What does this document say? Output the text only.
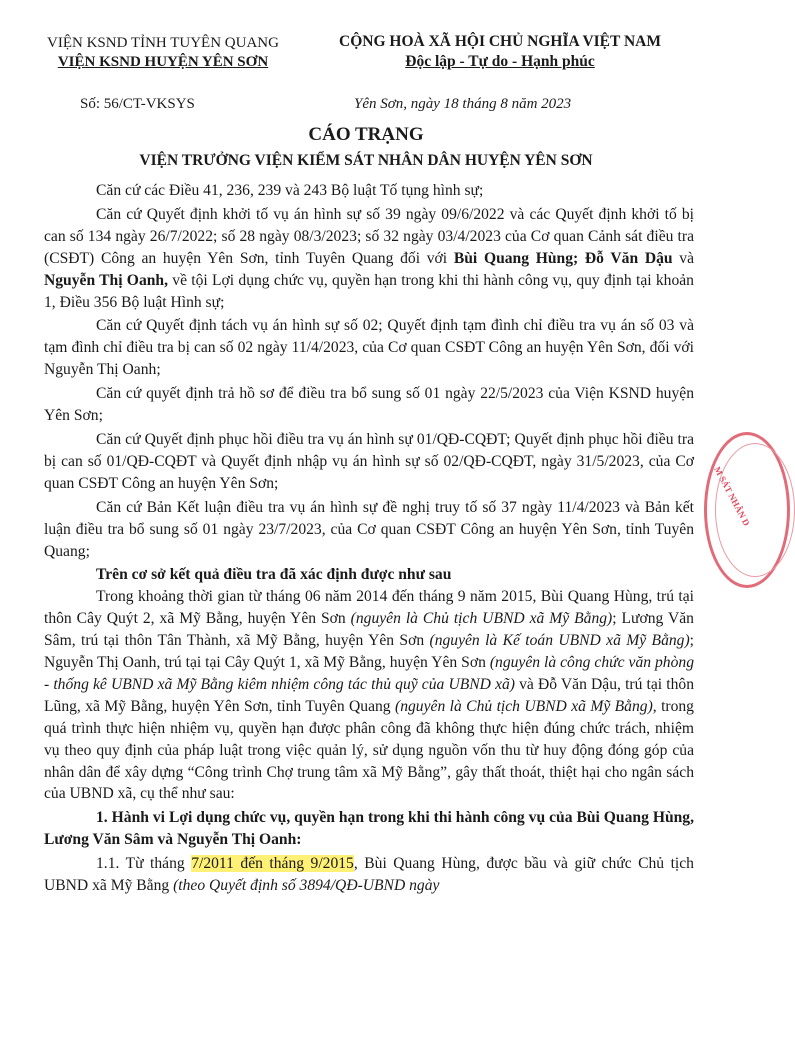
VIỆN KSND TỈNH TUYÊN QUANG
VIỆN KSND HUYỆN YÊN SƠN
CỘNG HOÀ XÃ HỘI CHỦ NGHĨA VIỆT NAM
Độc lập - Tự do - Hạnh phúc
Số: 56/CT-VKSYS	Yên Sơn, ngày 18 tháng 8 năm 2023
CÁO TRẠNG
VIỆN TRƯỞNG VIỆN KIỂM SÁT NHÂN DÂN HUYỆN YÊN SƠN

Căn cứ các Điều 41, 236, 239 và 243 Bộ luật Tố tụng hình sự;

Căn cứ Quyết định khởi tố vụ án hình sự số 39 ngày 09/6/2022 và các Quyết định khởi tố bị can số 134 ngày 26/7/2022; số 28 ngày 08/3/2023; số 32 ngày 03/4/2023 của Cơ quan Cảnh sát điều tra (CSĐT) Công an huyện Yên Sơn, tỉnh Tuyên Quang đối với Bùi Quang Hùng; Đỗ Văn Dậu và Nguyễn Thị Oanh, về tội Lợi dụng chức vụ, quyền hạn trong khi thi hành công vụ, quy định tại khoản 1, Điều 356 Bộ luật Hình sự;

Căn cứ Quyết định tách vụ án hình sự số 02; Quyết định tạm đình chỉ điều tra vụ án số 03 và tạm đình chỉ điều tra bị can số 02 ngày 11/4/2023, của Cơ quan CSĐT Công an huyện Yên Sơn, đối với Nguyễn Thị Oanh;

Căn cứ quyết định trả hồ sơ để điều tra bổ sung số 01 ngày 22/5/2023 của Viện KSND huyện Yên Sơn;

Căn cứ Quyết định phục hồi điều tra vụ án hình sự 01/QĐ-CQĐT; Quyết định phục hồi điều tra bị can số 01/QĐ-CQĐT và Quyết định nhập vụ án hình sự số 02/QĐ-CQĐT, ngày 31/5/2023, của Cơ quan CSĐT Công an huyện Yên Sơn;

Căn cứ Bản Kết luận điều tra vụ án hình sự đề nghị truy tố số 37 ngày 11/4/2023 và Bản kết luận điều tra bổ sung số 01 ngày 23/7/2023, của Cơ quan CSĐT Công an huyện Yên Sơn, tỉnh Tuyên Quang;

Trên cơ sở kết quả điều tra đã xác định được như sau

Trong khoảng thời gian từ tháng 06 năm 2014 đến tháng 9 năm 2015, Bùi Quang Hùng, trú tại thôn Cây Quýt 2, xã Mỹ Bằng, huyện Yên Sơn (nguyên là Chủ tịch UBND xã Mỹ Bằng); Lương Văn Sâm, trú tại thôn Tân Thành, xã Mỹ Bằng, huyện Yên Sơn (nguyên là Kế toán UBND xã Mỹ Bằng); Nguyễn Thị Oanh, trú tại tại Cây Quýt 1, xã Mỹ Bằng, huyện Yên Sơn (nguyên là công chức văn phòng - thống kê UBND xã Mỹ Bằng kiêm nhiệm công tác thủ quỹ của UBND xã) và Đỗ Văn Dậu, trú tại thôn Lũng, xã Mỹ Bằng, huyện Yên Sơn, tỉnh Tuyên Quang (nguyên là Chủ tịch UBND xã Mỹ Bằng), trong quá trình thực hiện nhiệm vụ, quyền hạn được phân công đã không thực hiện đúng chức trách, nhiệm vụ theo quy định của pháp luật trong việc quản lý, sử dụng nguồn vốn thu từ huy động đóng góp của nhân dân để xây dựng “Công trình Chợ trung tâm xã Mỹ Bằng”, gây thất thoát, thiệt hại cho ngân sách của UBND xã, cụ thể như sau:

1. Hành vi Lợi dụng chức vụ, quyền hạn trong khi thi hành công vụ của Bùi Quang Hùng, Lương Văn Sâm và Nguyễn Thị Oanh:

1.1. Từ tháng 7/2011 đến tháng 9/2015, Bùi Quang Hùng, được bầu và giữ chức Chủ tịch UBND xã Mỹ Bằng (theo Quyết định số 3894/QĐ-UBND ngày

M SÁT NHÂN D
